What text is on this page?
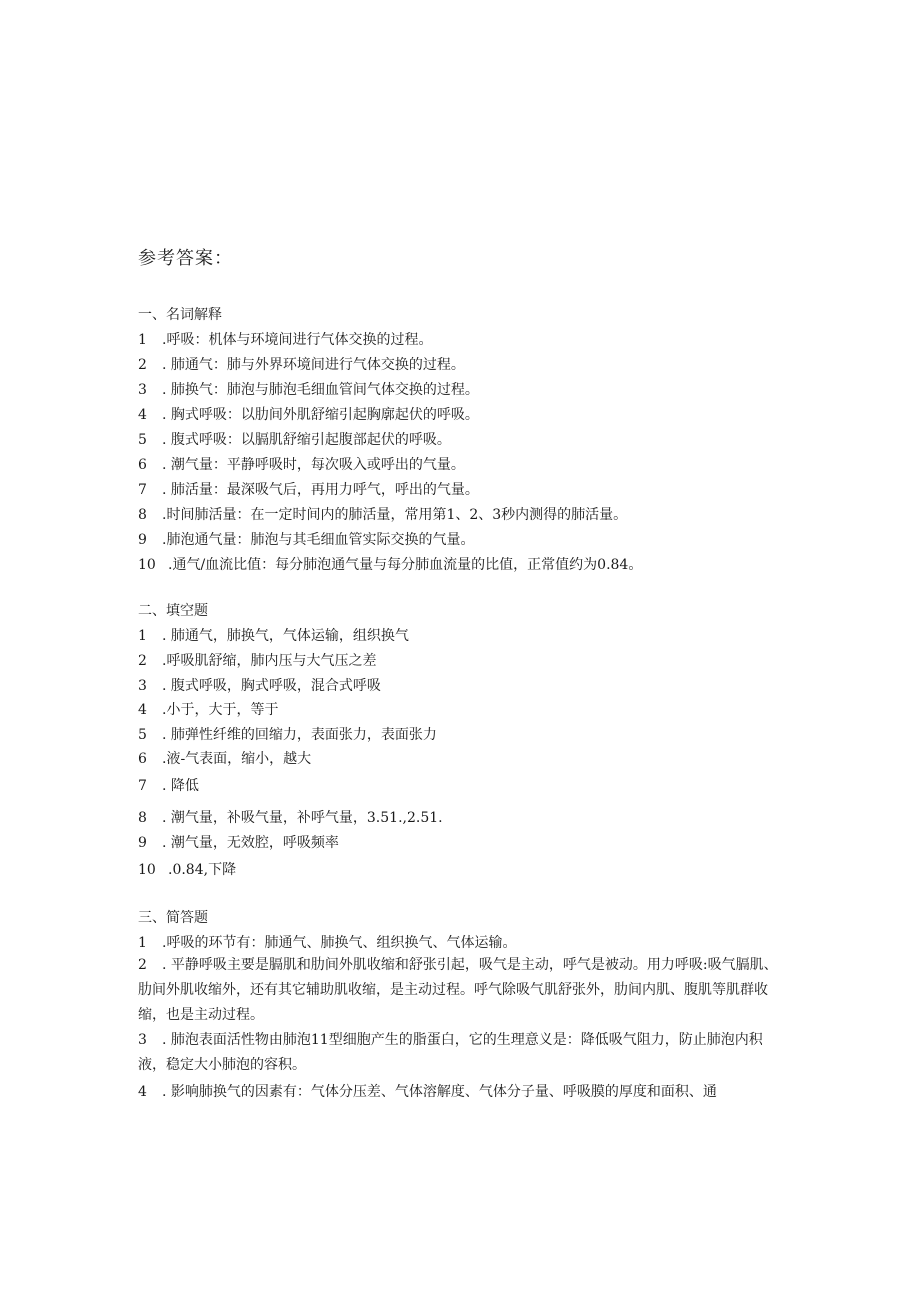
参考答案：
一、名词解释
1 .呼吸：机体与环境间进行气体交换的过程。
2 . 肺通气：肺与外界环境间进行气体交换的过程。
3 . 肺换气：肺泡与肺泡毛细血管间气体交换的过程。
4 . 胸式呼吸：以肋间外肌舒缩引起胸廓起伏的呼吸。
5 . 腹式呼吸：以膈肌舒缩引起腹部起伏的呼吸。
6 . 潮气量：平静呼吸时，每次吸入或呼出的气量。
7 . 肺活量：最深吸气后，再用力呼气，呼出的气量。
8 .时间肺活量：在一定时间内的肺活量，常用第1、2、3秒内测得的肺活量。
9 .肺泡通气量：肺泡与其毛细血管实际交换的气量。
10 .通气/血流比值：每分肺泡通气量与每分肺血流量的比值，正常值约为0.84。
二、填空题
1 . 肺通气，肺换气，气体运输，组织换气
2 .呼吸肌舒缩，肺内压与大气压之差
3 . 腹式呼吸，胸式呼吸，混合式呼吸
4 .小于，大于，等于
5 . 肺弹性纤维的回缩力，表面张力，表面张力
6 .液-气表面，缩小，越大
7 . 降低
8 . 潮气量，补吸气量，补呼气量，3.51.,2.51.
9 . 潮气量，无效腔，呼吸频率
10 .0.84,下降
三、简答题
1 .呼吸的环节有：肺通气、肺换气、组织换气、气体运输。
2 . 平静呼吸主要是膈肌和肋间外肌收缩和舒张引起，吸气是主动，呼气是被动。用力呼吸:吸气膈肌、肋间外肌收缩外，还有其它辅助肌收缩，是主动过程。呼气除吸气肌舒张外，肋间内肌、腹肌等肌群收缩，也是主动过程。
3 . 肺泡表面活性物由肺泡11型细胞产生的脂蛋白，它的生理意义是：降低吸气阻力，防止肺泡内积液，稳定大小肺泡的容积。
4 . 影响肺换气的因素有：气体分压差、气体溶解度、气体分子量、呼吸膜的厚度和面积、通
